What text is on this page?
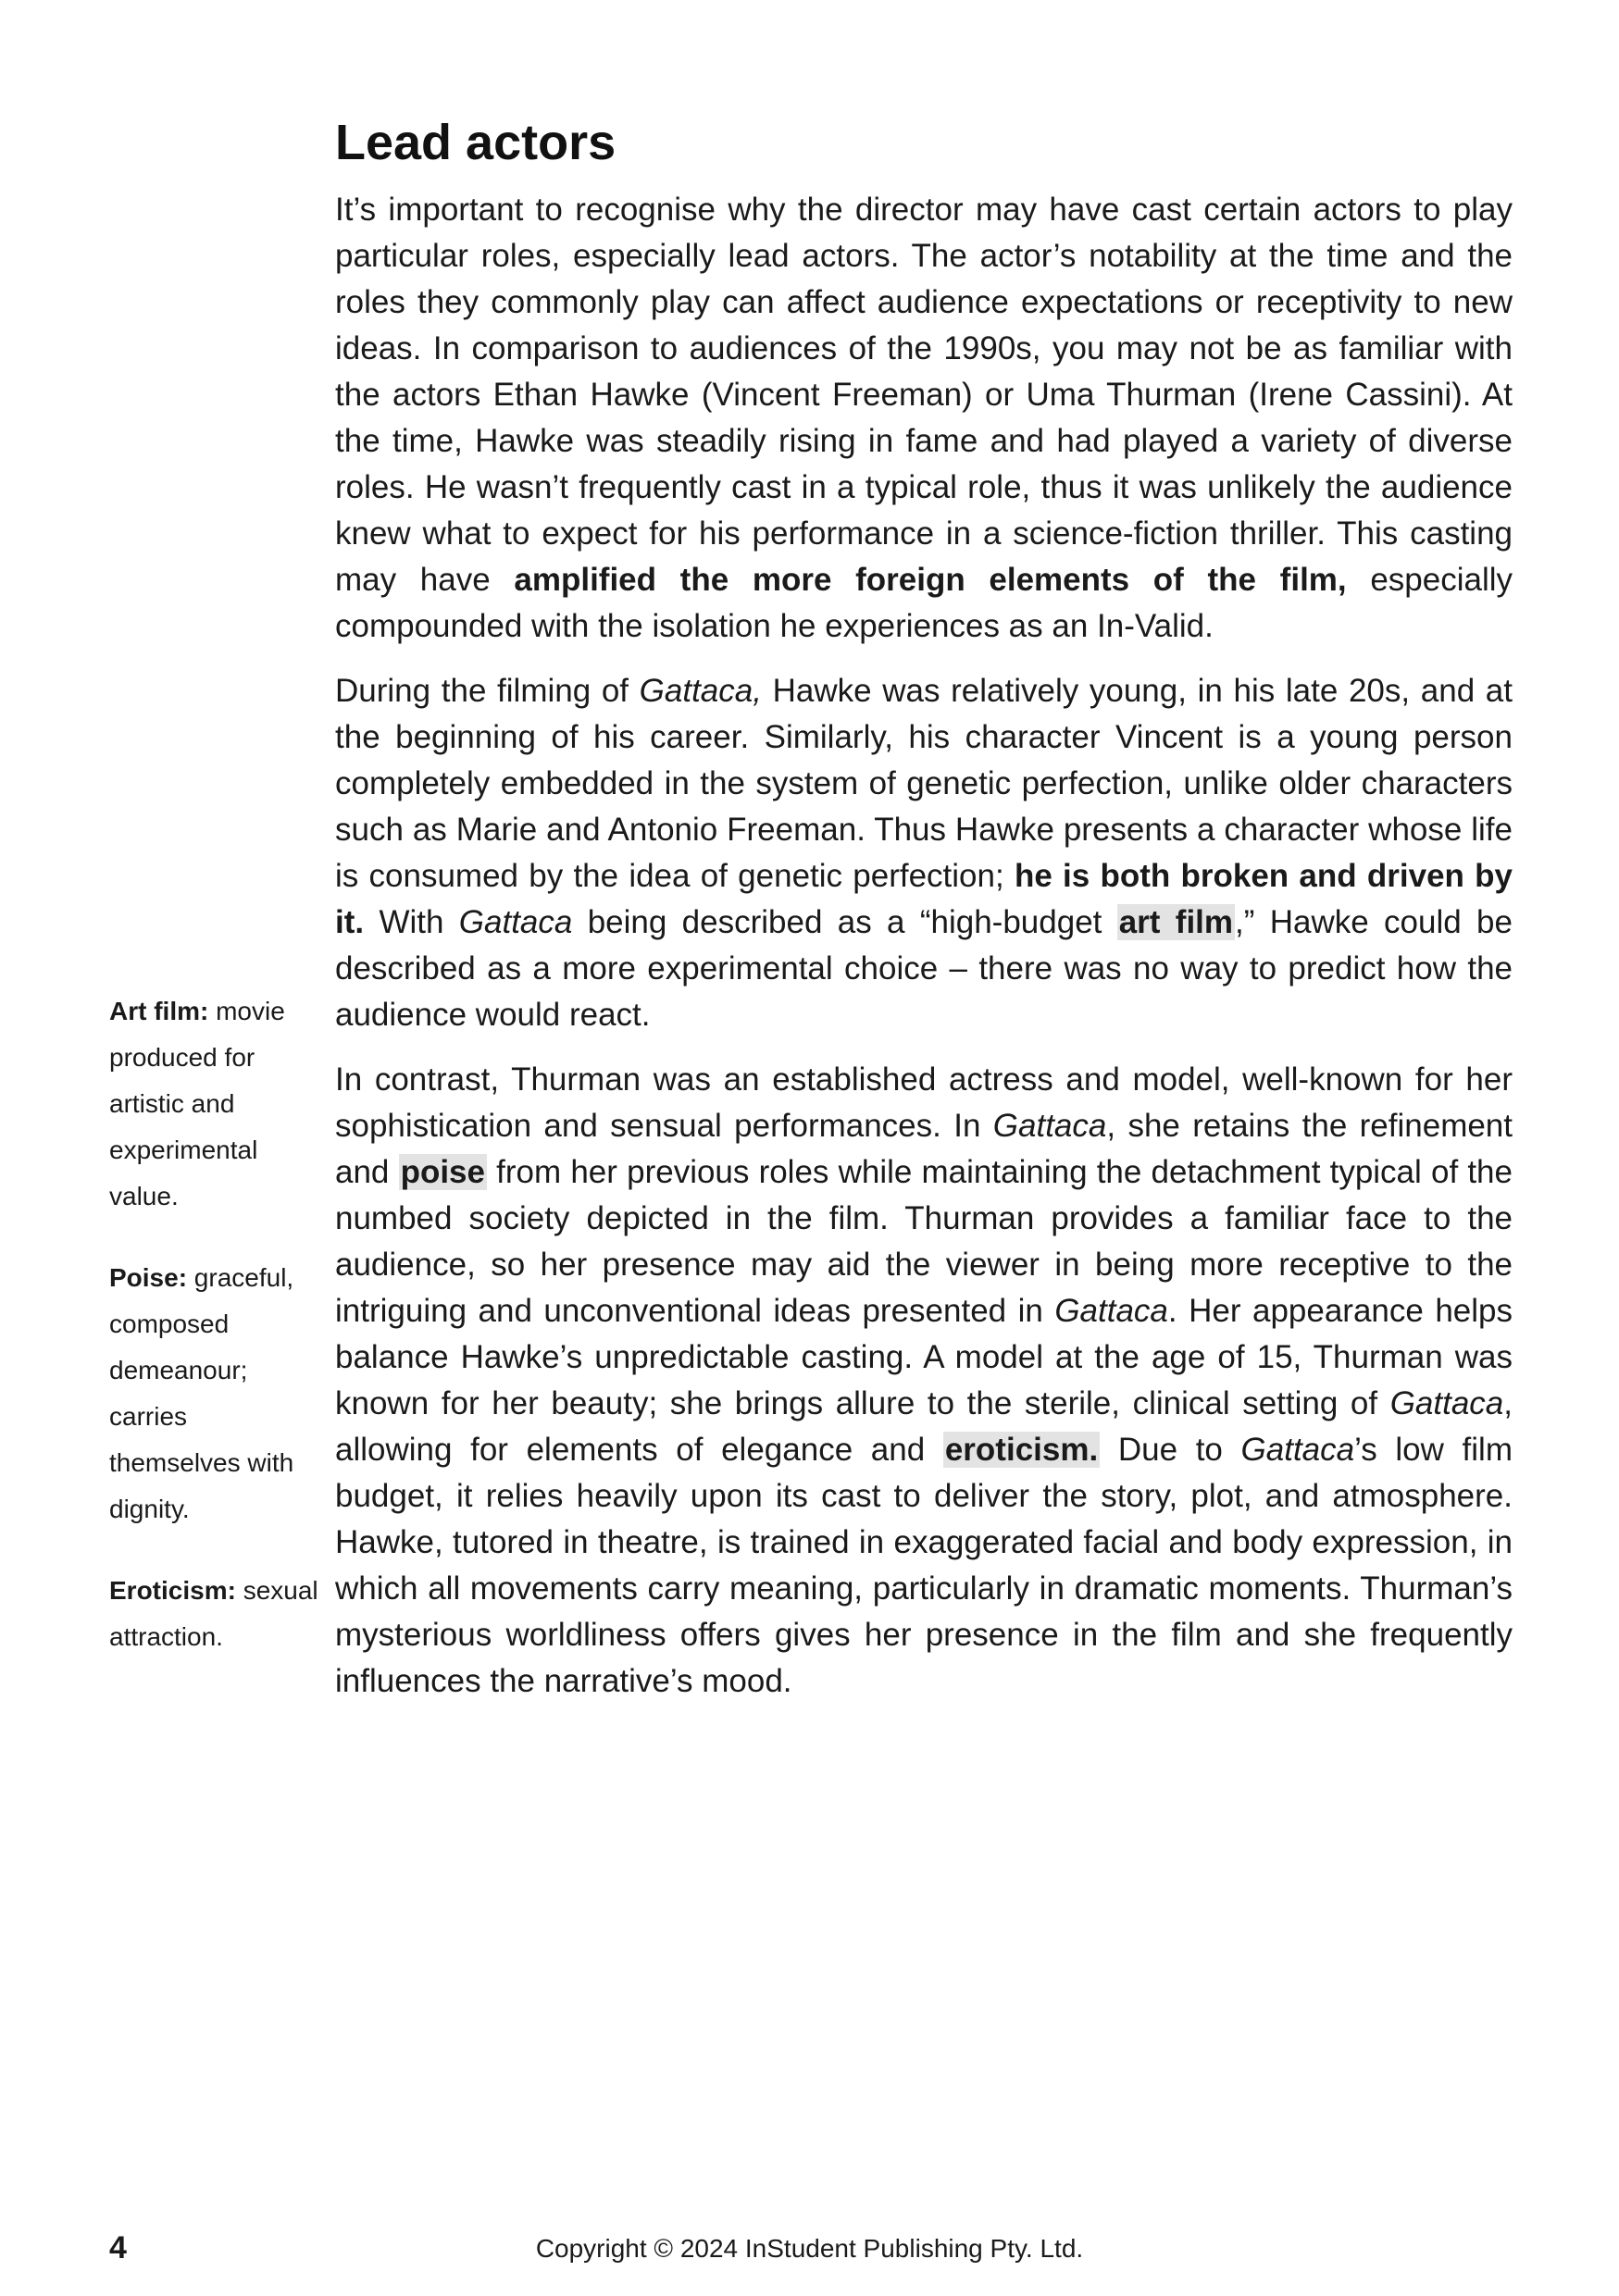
Lead actors

It’s important to recognise why the director may have cast certain actors to play particular roles, especially lead actors. The actor’s notability at the time and the roles they commonly play can affect audience expectations or receptivity to new ideas. In comparison to audiences of the 1990s, you may not be as familiar with the actors Ethan Hawke (Vincent Freeman) or Uma Thurman (Irene Cassini). At the time, Hawke was steadily rising in fame and had played a variety of diverse roles. He wasn’t frequently cast in a typical role, thus it was unlikely the audience knew what to expect for his performance in a science-fiction thriller. This casting may have amplified the more foreign elements of the film, especially compounded with the isolation he experiences as an In-Valid.

During the filming of Gattaca, Hawke was relatively young, in his late 20s, and at the beginning of his career. Similarly, his character Vincent is a young person completely embedded in the system of genetic perfection, unlike older characters such as Marie and Antonio Freeman. Thus Hawke presents a character whose life is consumed by the idea of genetic perfection; he is both broken and driven by it. With Gattaca being described as a “high-budget art film,” Hawke could be described as a more experimental choice – there was no way to predict how the audience would react.

In contrast, Thurman was an established actress and model, well-known for her sophistication and sensual performances. In Gattaca, she retains the refinement and poise from her previous roles while maintaining the detachment typical of the numbed society depicted in the film. Thurman provides a familiar face to the audience, so her presence may aid the viewer in being more receptive to the intriguing and unconventional ideas presented in Gattaca. Her appearance helps balance Hawke’s unpredictable casting. A model at the age of 15, Thurman was known for her beauty; she brings allure to the sterile, clinical setting of Gattaca, allowing for elements of elegance and eroticism. Due to Gattaca’s low film budget, it relies heavily upon its cast to deliver the story, plot, and atmosphere. Hawke, tutored in theatre, is trained in exaggerated facial and body expression, in which all movements carry meaning, particularly in dramatic moments. Thurman’s mysterious worldliness offers gives her presence in the film and she frequently influences the narrative’s mood.

Art film: movie produced for artistic and experimental value.
Poise: graceful, composed demeanour; carries themselves with dignity.
Eroticism: sexual attraction.
4	Copyright © 2024 InStudent Publishing Pty. Ltd.
